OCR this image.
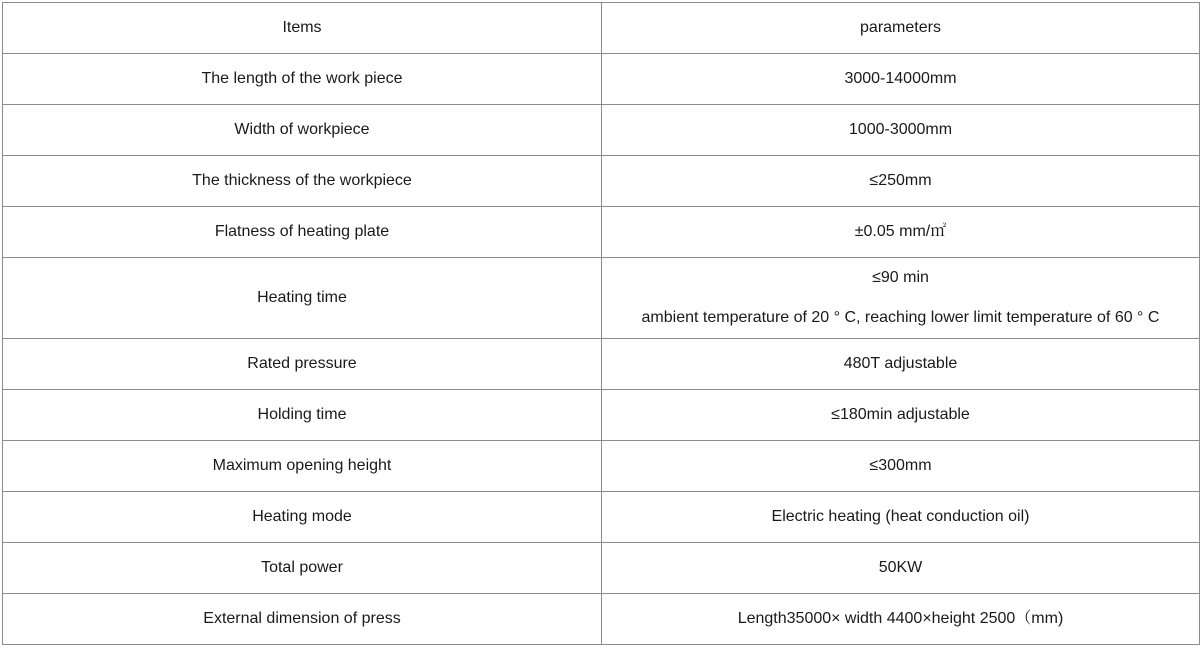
Items	parameters
The length of the work piece	3000-14000mm
Width of workpiece	1000-3000mm
The thickness of the workpiece	≤250mm
Flatness of heating plate	±0.05 mm/㎡
Heating time	≤90 min
ambient temperature of 20 ° C, reaching lower limit temperature of 60 ° C

Rated pressure	480T adjustable
Holding time	≤180min adjustable
Maximum opening height	≤300mm
Heating mode	Electric heating (heat conduction oil)
Total power	50KW
External dimension of press	Length35000× width 4400×height 2500（mm)
